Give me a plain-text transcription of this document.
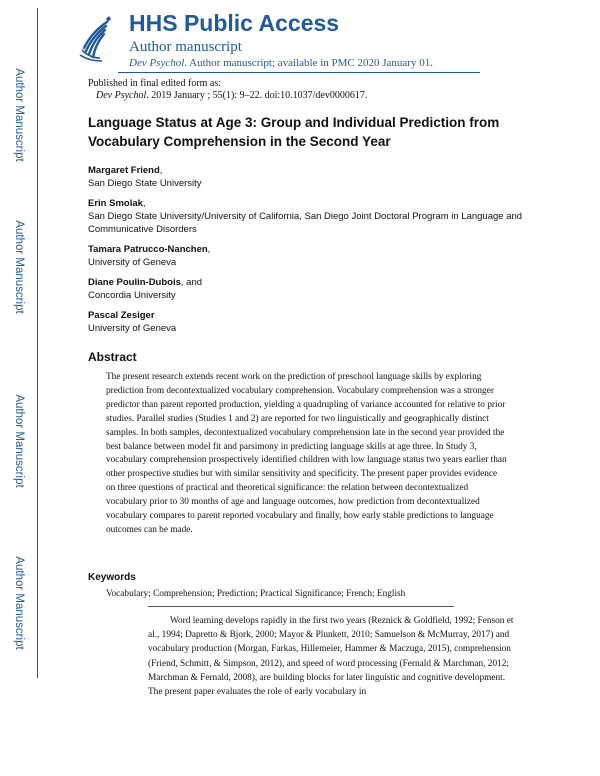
Author Manuscript
Author Manuscript
Author Manuscript
Author Manuscript
HHS Public Access
Author manuscript
Dev Psychol. Author manuscript; available in PMC 2020 January 01.
Published in final edited form as:
Dev Psychol. 2019 January ; 55(1): 9–22. doi:10.1037/dev0000617.
Language Status at Age 3: Group and Individual Prediction from Vocabulary Comprehension in the Second Year
Margaret Friend,
San Diego State University
Erin Smolak,
San Diego State University/University of California, San Diego Joint Doctoral Program in Language and Communicative Disorders
Tamara Patrucco-Nanchen,
University of Geneva
Diane Poulin-Dubois, and
Concordia University
Pascal Zesiger
University of Geneva
Abstract

The present research extends recent work on the prediction of preschool language skills by exploring prediction from decontextualized vocabulary comprehension. Vocabulary comprehension was a stronger predictor than parent reported production, yielding a quadrupling of variance accounted for relative to prior studies. Parallel studies (Studies 1 and 2) are reported for two linguistically and geographically distinct samples. In both samples, decontextualized vocabulary comprehension late in the second year provided the best balance between model fit and parsimony in predicting language skills at age three. In Study 3, vocabulary comprehension prospectively identified children with low language status two years earlier than other prospective studies but with similar sensitivity and specificity. The present paper provides evidence on three questions of practical and theoretical significance: the relation between decontextualized vocabulary prior to 30 months of age and language outcomes, how prediction from decontextualized vocabulary compares to parent reported vocabulary and finally, how early stable predictions to language outcomes can be made.

Keywords
Vocabulary; Comprehension; Prediction; Practical Significance; French; English

Word learning develops rapidly in the first two years (Reznick & Goldfield, 1992; Fenson et al., 1994; Dapretto & Bjork, 2000; Mayor & Plunkett, 2010; Samuelson & McMurray, 2017) and vocabulary production (Morgan, Farkas, Hillemeier, Hammer & Maczuga, 2015), comprehension (Friend, Schmitt, & Simpson, 2012), and speed of word processing (Fernald & Marchman, 2012; Marchman & Fernald, 2008), are building blocks for later linguistic and cognitive development. The present paper evaluates the role of early vocabulary in
